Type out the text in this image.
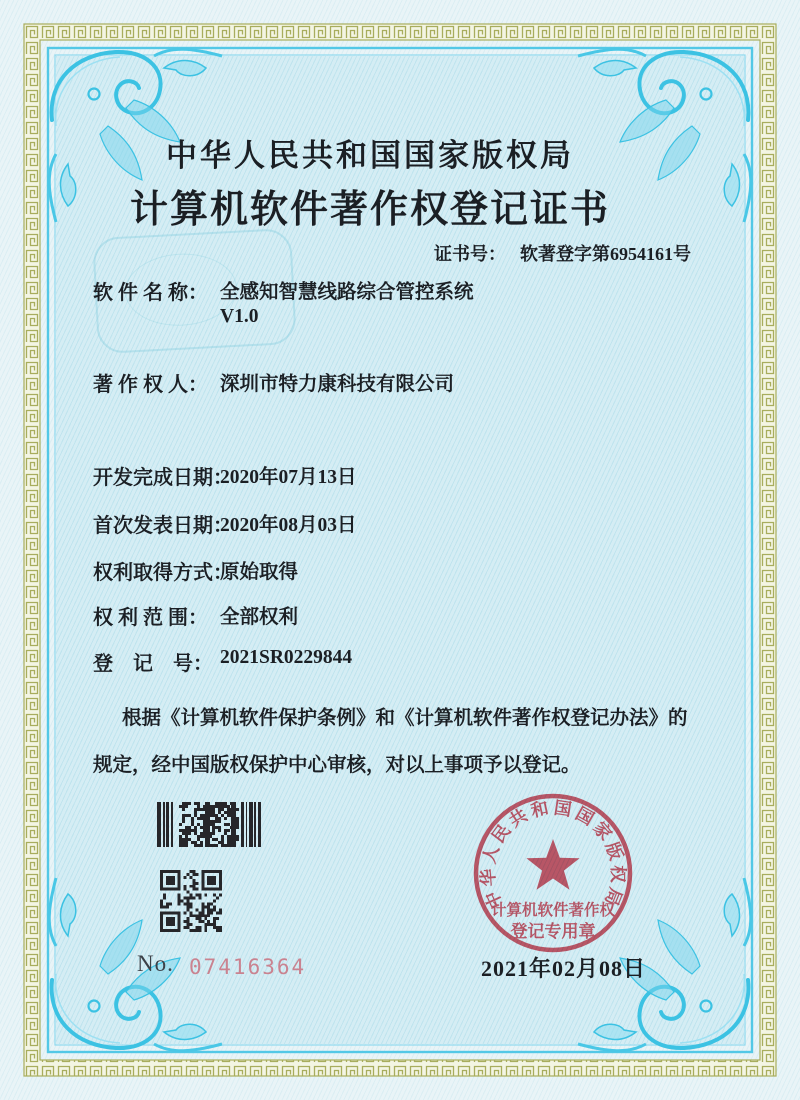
中华人民共和国国家版权局
计算机软件著作权登记证书
证书号： 软著登字第6954161号
软 件 名 称： 全感知智慧线路综合管控系统
V1.0
著 作 权 人： 深圳市特力康科技有限公司
开发完成日期：
2020年07月13日
首次发表日期：
2020年08月03日
权利取得方式：
原始取得
权 利 范 围： 全部权利
登　记　号： 2021SR0229844
根据《计算机软件保护条例》和《计算机软件著作权登记办法》的
规定，经中国版权保护中心审核，对以上事项予以登记。
No. 07416364
中华人民共和国国家版权局
计算机软件著作权
登记专用章
2021年02月08日
